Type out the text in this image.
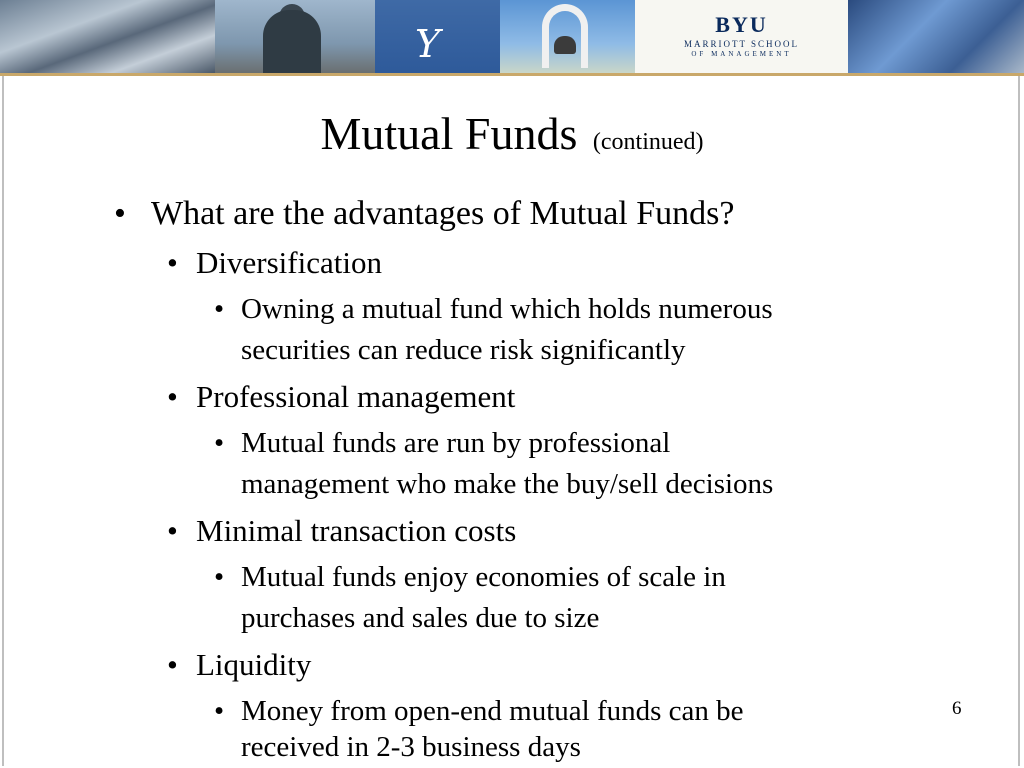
Y	BYU
MARRIOTT SCHOOL
OF MANAGEMENT
Mutual Funds (continued)
• What are the advantages of Mutual Funds?
• Diversification
• Owning a mutual fund which holds numerous
securities can reduce risk significantly
• Professional management
• Mutual funds are run by professional
management who make the buy/sell decisions
• Minimal transaction costs
• Mutual funds enjoy economies of scale in
purchases and sales due to size
• Liquidity
• Money from open-end mutual funds can be
received in 2-3 business days
6
